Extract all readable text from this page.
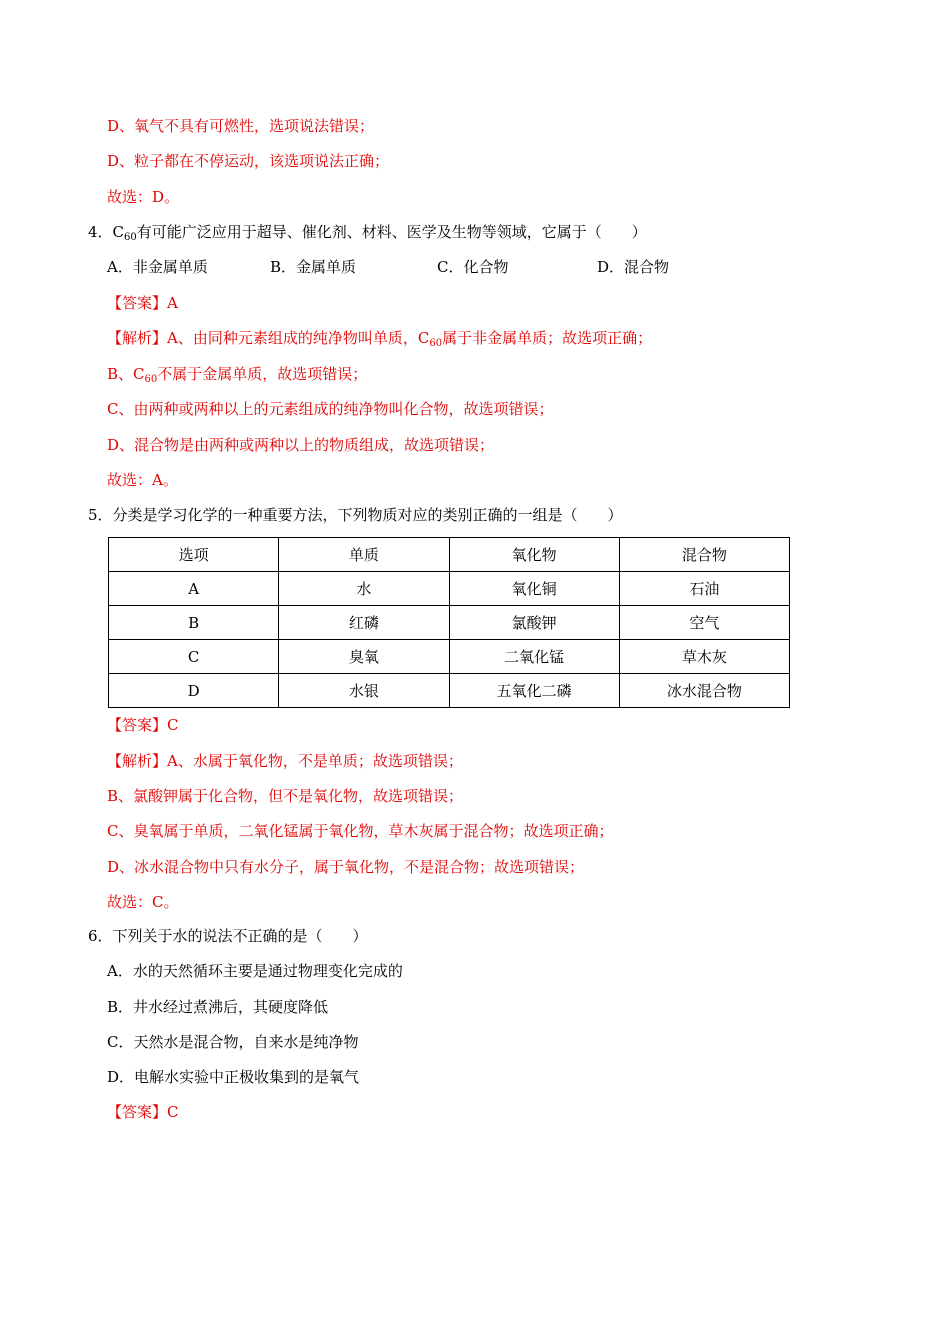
D、氧气不具有可燃性，选项说法错误；
D、粒子都在不停运动，该选项说法正确；
故选：D。
4．$C_{60}$有可能广泛应用于超导、催化剂、材料、医学及生物等领域，它属于（　　）
A．非金属单质	B．金属单质	C．化合物	D．混合物
【答案】A
【解析】A、由同种元素组成的纯净物叫单质，$C_{60}$属于非金属单质；故选项正确；
B、$C_{60}$不属于金属单质，故选项错误；
C、由两种或两种以上的元素组成的纯净物叫化合物，故选项错误；
D、混合物是由两种或两种以上的物质组成，故选项错误；
故选：A。
5．分类是学习化学的一种重要方法，下列物质对应的类别正确的一组是（　　）
选项	单质	氧化物	混合物
A	水	氧化铜	石油
B	红磷	氯酸钾	空气
C	臭氧	二氧化锰	草木灰
D	水银	五氧化二磷	冰水混合物
【答案】C
【解析】A、水属于氧化物，不是单质；故选项错误；
B、氯酸钾属于化合物，但不是氧化物，故选项错误；
C、臭氧属于单质，二氧化锰属于氧化物，草木灰属于混合物；故选项正确；
D、冰水混合物中只有水分子，属于氧化物，不是混合物；故选项错误；
故选：C。
6．下列关于水的说法不正确的是（　　）
A．水的天然循环主要是通过物理变化完成的
B．井水经过煮沸后，其硬度降低
C．天然水是混合物，自来水是纯净物
D．电解水实验中正极收集到的是氧气
【答案】C
